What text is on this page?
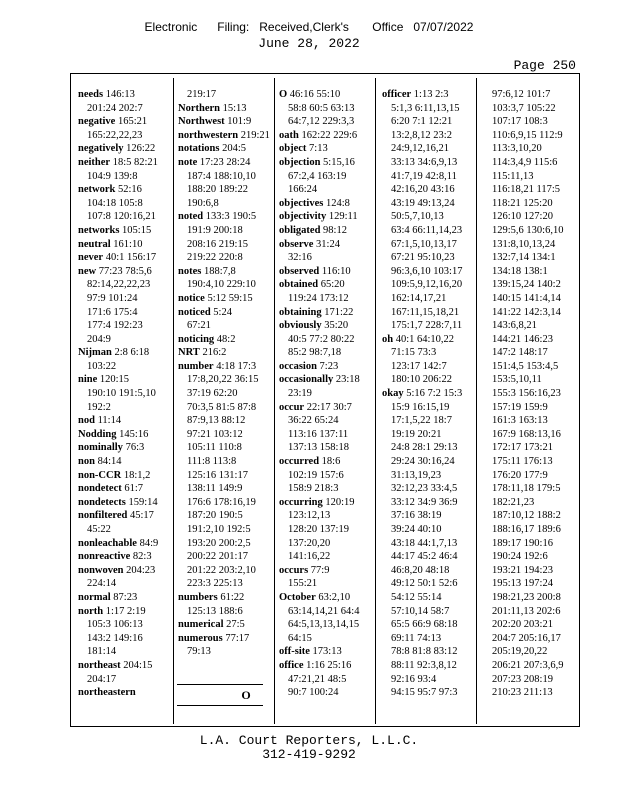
Electronic      Filing:   Received,Clerk's       Office   07/07/2022
June 28, 2022
Page 250
needs 146:13
201:24 202:7
negative 165:21
165:22,22,23
negatively 126:22
neither 18:5 82:21
104:9 139:8
network 52:16
104:18 105:8
107:8 120:16,21
networks 105:15
neutral 161:10
never 40:1 156:17
new 77:23 78:5,6
82:14,22,22,23
97:9 101:24
171:6 175:4
177:4 192:23
204:9
Nijman 2:8 6:18
103:22
nine 120:15
190:10 191:5,10
192:2
nod 11:14
Nodding 145:16
nominally 76:3
non 84:14
non-CCR 18:1,2
nondetect 61:7
nondetects 159:14
nonfiltered 45:17
45:22
nonleachable 84:9
nonreactive 82:3
nonwoven 204:23
224:14
normal 87:23
north 1:17 2:19
105:3 106:13
143:2 149:16
181:14
northeast 204:15
204:17
northeastern
219:17
Northern 15:13
Northwest 101:9
northwestern 219:21
notations 204:5
note 17:23 28:24
187:4 188:10,10
188:20 189:22
190:6,8
noted 133:3 190:5
191:9 200:18
208:16 219:15
219:22 220:8
notes 188:7,8
190:4,10 229:10
notice 5:12 59:15
noticed 5:24
67:21
noticing 48:2
NRT 216:2
number 4:18 17:3
17:8,20,22 36:15
37:19 62:20
70:3,5 81:5 87:8
87:9,13 88:12
97:21 103:12
105:11 110:8
111:8 113:8
125:16 131:17
138:11 149:9
176:6 178:16,19
187:20 190:5
191:2,10 192:5
193:20 200:2,5
200:22 201:17
201:22 203:2,10
223:3 225:13
numbers 61:22
125:13 188:6
numerical 27:5
numerous 77:17
79:13
O 46:16 55:10
58:8 60:5 63:13
64:7,12 229:3,3
oath 162:22 229:6
object 7:13
objection 5:15,16
67:2,4 163:19
166:24
objectives 124:8
objectivity 129:11
obligated 98:12
observe 31:24
32:16
observed 116:10
obtained 65:20
119:24 173:12
obtaining 171:22
obviously 35:20
40:5 77:2 80:22
85:2 98:7,18
occasion 7:23
occasionally 23:18
23:19
occur 22:17 30:7
36:22 65:24
113:16 137:11
137:13 158:18
occurred 18:6
102:19 157:6
158:9 218:3
occurring 120:19
123:12,13
128:20 137:19
137:20,20
141:16,22
occurs 77:9
155:21
October 63:2,10
63:14,14,21 64:4
64:5,13,13,14,15
64:15
off-site 173:13
office 1:16 25:16
47:21,21 48:5
90:7 100:24
officer 1:13 2:3
5:1,3 6:11,13,15
6:20 7:1 12:21
13:2,8,12 23:2
24:9,12,16,21
33:13 34:6,9,13
41:7,19 42:8,11
42:16,20 43:16
43:19 49:13,24
50:5,7,10,13
63:4 66:11,14,23
67:1,5,10,13,17
67:21 95:10,23
96:3,6,10 103:17
109:5,9,12,16,20
162:14,17,21
167:11,15,18,21
175:1,7 228:7,11
oh 40:1 64:10,22
71:15 73:3
123:17 142:7
180:10 206:22
okay 5:16 7:2 15:3
15:9 16:15,19
17:1,5,22 18:7
19:19 20:21
24:8 28:1 29:13
29:24 30:16,24
31:13,19,23
32:12,23 33:4,5
33:12 34:9 36:9
37:16 38:19
39:24 40:10
43:18 44:1,7,13
44:17 45:2 46:4
46:8,20 48:18
49:12 50:1 52:6
54:12 55:14
57:10,14 58:7
65:5 66:9 68:18
69:11 74:13
78:8 81:8 83:12
88:11 92:3,8,12
92:16 93:4
94:15 95:7 97:3
97:6,12 101:7
103:3,7 105:22
107:17 108:3
110:6,9,15 112:9
113:3,10,20
114:3,4,9 115:6
115:11,13
116:18,21 117:5
118:21 125:20
126:10 127:20
129:5,6 130:6,10
131:8,10,13,24
132:7,14 134:1
134:18 138:1
139:15,24 140:2
140:15 141:4,14
141:22 142:3,14
143:6,8,21
144:21 146:23
147:2 148:17
151:4,5 153:4,5
153:5,10,11
155:3 156:16,23
157:19 159:9
161:3 163:13
167:9 168:13,16
172:17 173:21
175:11 176:13
176:20 177:9
178:11,18 179:5
182:21,23
187:10,12 188:2
188:16,17 189:6
189:17 190:16
190:24 192:6
193:21 194:23
195:13 197:24
198:21,23 200:8
201:11,13 202:6
202:20 203:21
204:7 205:16,17
205:19,20,22
206:21 207:3,6,9
207:23 208:19
210:23 211:13
O
L.A. Court Reporters, L.L.C.
312-419-9292
